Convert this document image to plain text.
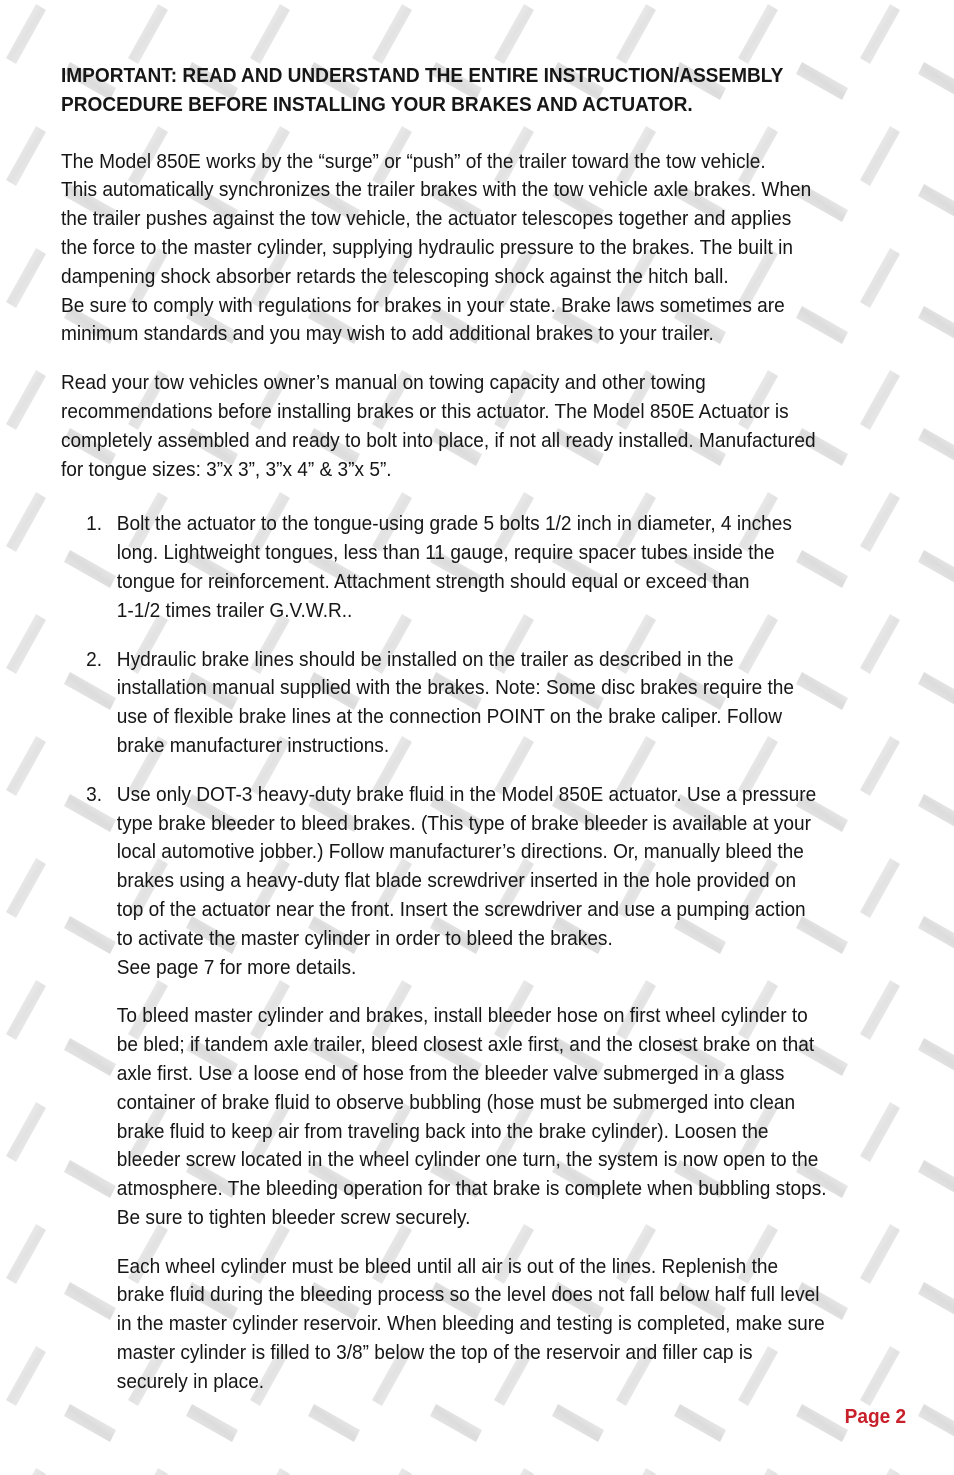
IMPORTANT: READ AND UNDERSTAND THE ENTIRE INSTRUCTION/ASSEMBLY
PROCEDURE BEFORE INSTALLING YOUR BRAKES AND ACTUATOR.
The Model 850E works by the “surge” or “push” of the trailer toward the tow vehicle.
This automatically synchronizes the trailer brakes with the tow vehicle axle brakes. When
the trailer pushes against the tow vehicle, the actuator telescopes together and applies
the force to the master cylinder, supplying hydraulic pressure to the brakes. The built in
dampening shock absorber retards the telescoping shock against the hitch ball.
Be sure to comply with regulations for brakes in your state. Brake laws sometimes are
minimum standards and you may wish to add additional brakes to your trailer.
Read your tow vehicles owner’s manual on towing capacity and other towing
recommendations before installing brakes or this actuator. The Model 850E Actuator is
completely assembled and ready to bolt into place, if not all ready installed. Manufactured
for tongue sizes: 3”x 3”, 3”x 4” & 3”x 5”.
1. Bolt the actuator to the tongue-using grade 5 bolts 1/2 inch in diameter, 4 inches
long. Lightweight tongues, less than 11 gauge, require spacer tubes inside the
tongue for reinforcement. Attachment strength should equal or exceed than
1-1/2 times trailer G.V.W.R..

2. Hydraulic brake lines should be installed on the trailer as described in the
installation manual supplied with the brakes. Note: Some disc brakes require the
use of flexible brake lines at the connection POINT on the brake caliper. Follow
brake manufacturer instructions.

3. Use only DOT-3 heavy-duty brake fluid in the Model 850E actuator. Use a pressure
type brake bleeder to bleed brakes. (This type of brake bleeder is available at your
local automotive jobber.) Follow manufacturer’s directions. Or, manually bleed the
brakes using a heavy-duty flat blade screwdriver inserted in the hole provided on
top of the actuator near the front. Insert the screwdriver and use a pumping action
to activate the master cylinder in order to bleed the brakes.
See page 7 for more details.

To bleed master cylinder and brakes, install bleeder hose on first wheel cylinder to
be bled; if tandem axle trailer, bleed closest axle first, and the closest brake on that
axle first. Use a loose end of hose from the bleeder valve submerged in a glass
container of brake fluid to observe bubbling (hose must be submerged into clean
brake fluid to keep air from traveling back into the brake cylinder). Loosen the
bleeder screw located in the wheel cylinder one turn, the system is now open to the
atmosphere. The bleeding operation for that brake is complete when bubbling stops.
Be sure to tighten bleeder screw securely.

Each wheel cylinder must be bleed until all air is out of the lines. Replenish the
brake fluid during the bleeding process so the level does not fall below half full level
in the master cylinder reservoir. When bleeding and testing is completed, make sure
master cylinder is filled to 3/8” below the top of the reservoir and filler cap is
securely in place.

Page 2
